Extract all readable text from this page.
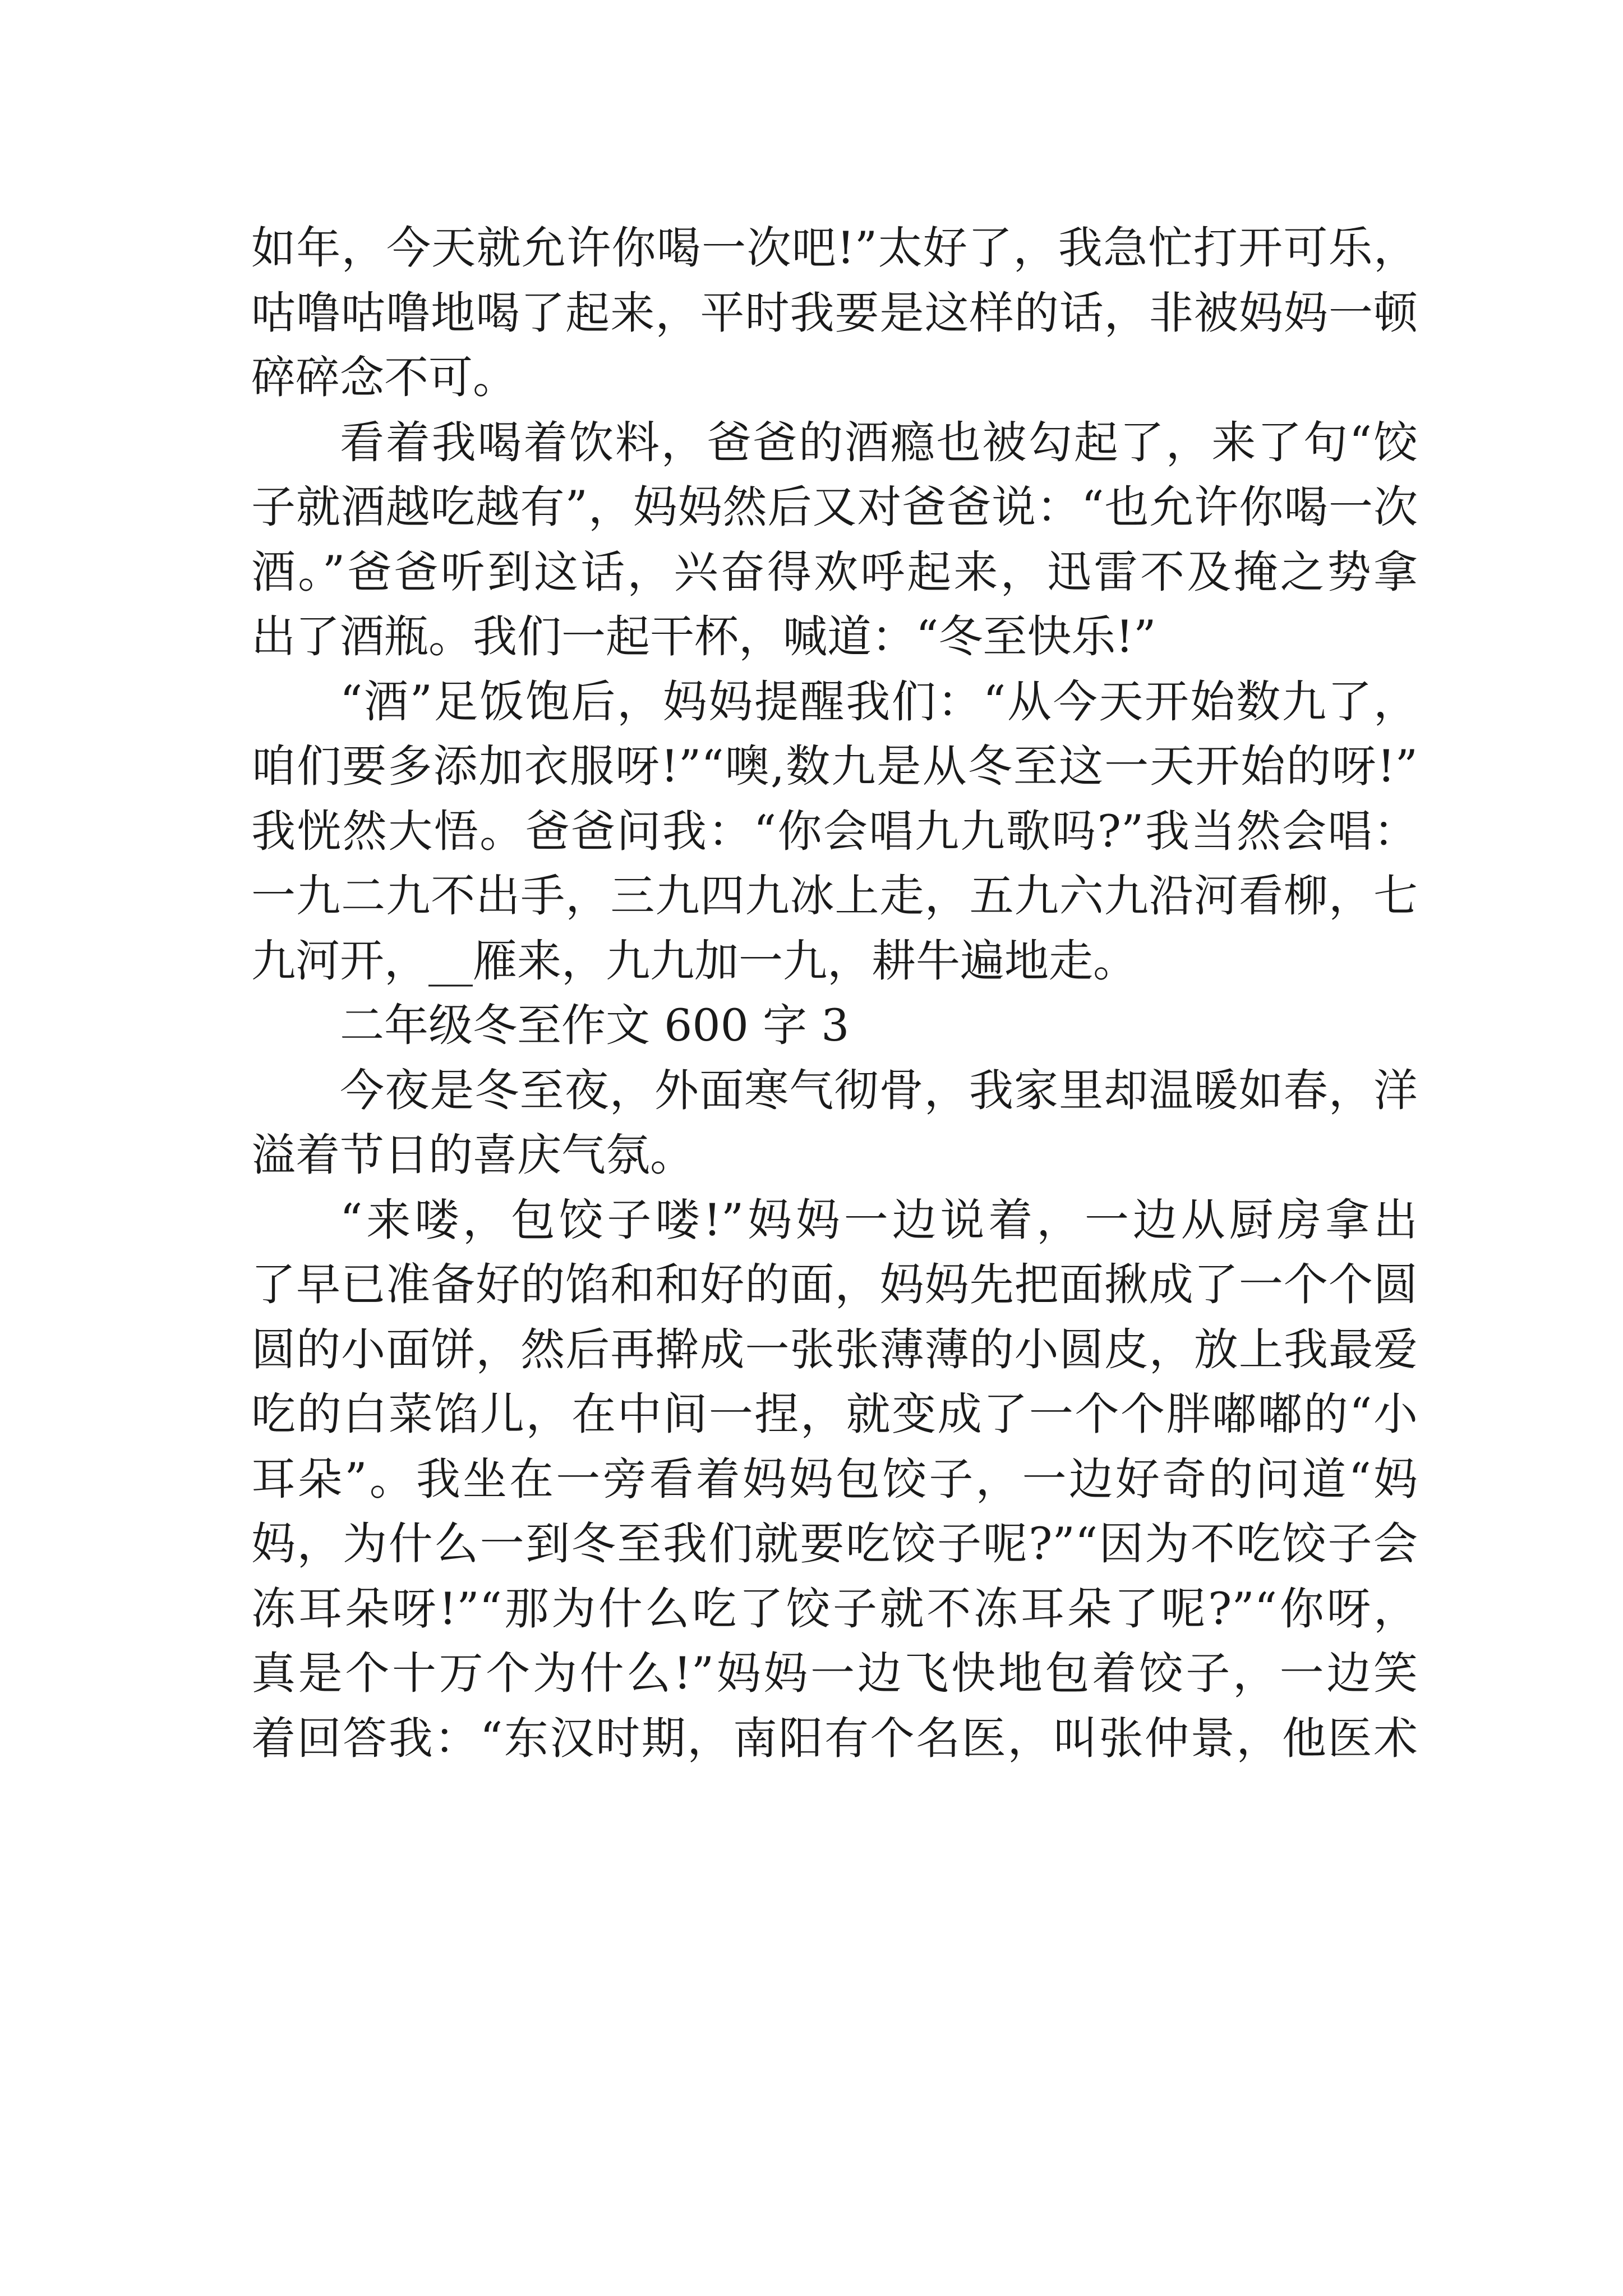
如年，今天就允许你喝一次吧!”太好了，我急忙打开可乐，
咕噜咕噜地喝了起来，平时我要是这样的话，非被妈妈一顿
碎碎念不可。
看着我喝着饮料，爸爸的酒瘾也被勾起了，来了句“饺
子就酒越吃越有”，妈妈然后又对爸爸说：“也允许你喝一次
酒。”爸爸听到这话，兴奋得欢呼起来，迅雷不及掩之势拿
出了酒瓶。我们一起干杯，喊道：“冬至快乐!”
“酒”足饭饱后，妈妈提醒我们：“从今天开始数九了，
咱们要多添加衣服呀!”“噢,数九是从冬至这一天开始的呀!”
我恍然大悟。爸爸问我：“你会唱九九歌吗?”我当然会唱：
一九二九不出手，三九四九冰上走，五九六九沿河看柳，七
九河开，__雁来，九九加一九，耕牛遍地走。
二年级冬至作文 600 字 3
今夜是冬至夜，外面寒气彻骨，我家里却温暖如春，洋
溢着节日的喜庆气氛。
“来喽，包饺子喽!”妈妈一边说着，一边从厨房拿出
了早已准备好的馅和和好的面，妈妈先把面揪成了一个个圆
圆的小面饼，然后再擀成一张张薄薄的小圆皮，放上我最爱
吃的白菜馅儿，在中间一捏，就变成了一个个胖嘟嘟的“小
耳朵”。我坐在一旁看着妈妈包饺子，一边好奇的问道“妈
妈，为什么一到冬至我们就要吃饺子呢?”“因为不吃饺子会
冻耳朵呀!”“那为什么吃了饺子就不冻耳朵了呢?”“你呀，
真是个十万个为什么!”妈妈一边飞快地包着饺子，一边笑
着回答我：“东汉时期，南阳有个名医，叫张仲景，他医术
